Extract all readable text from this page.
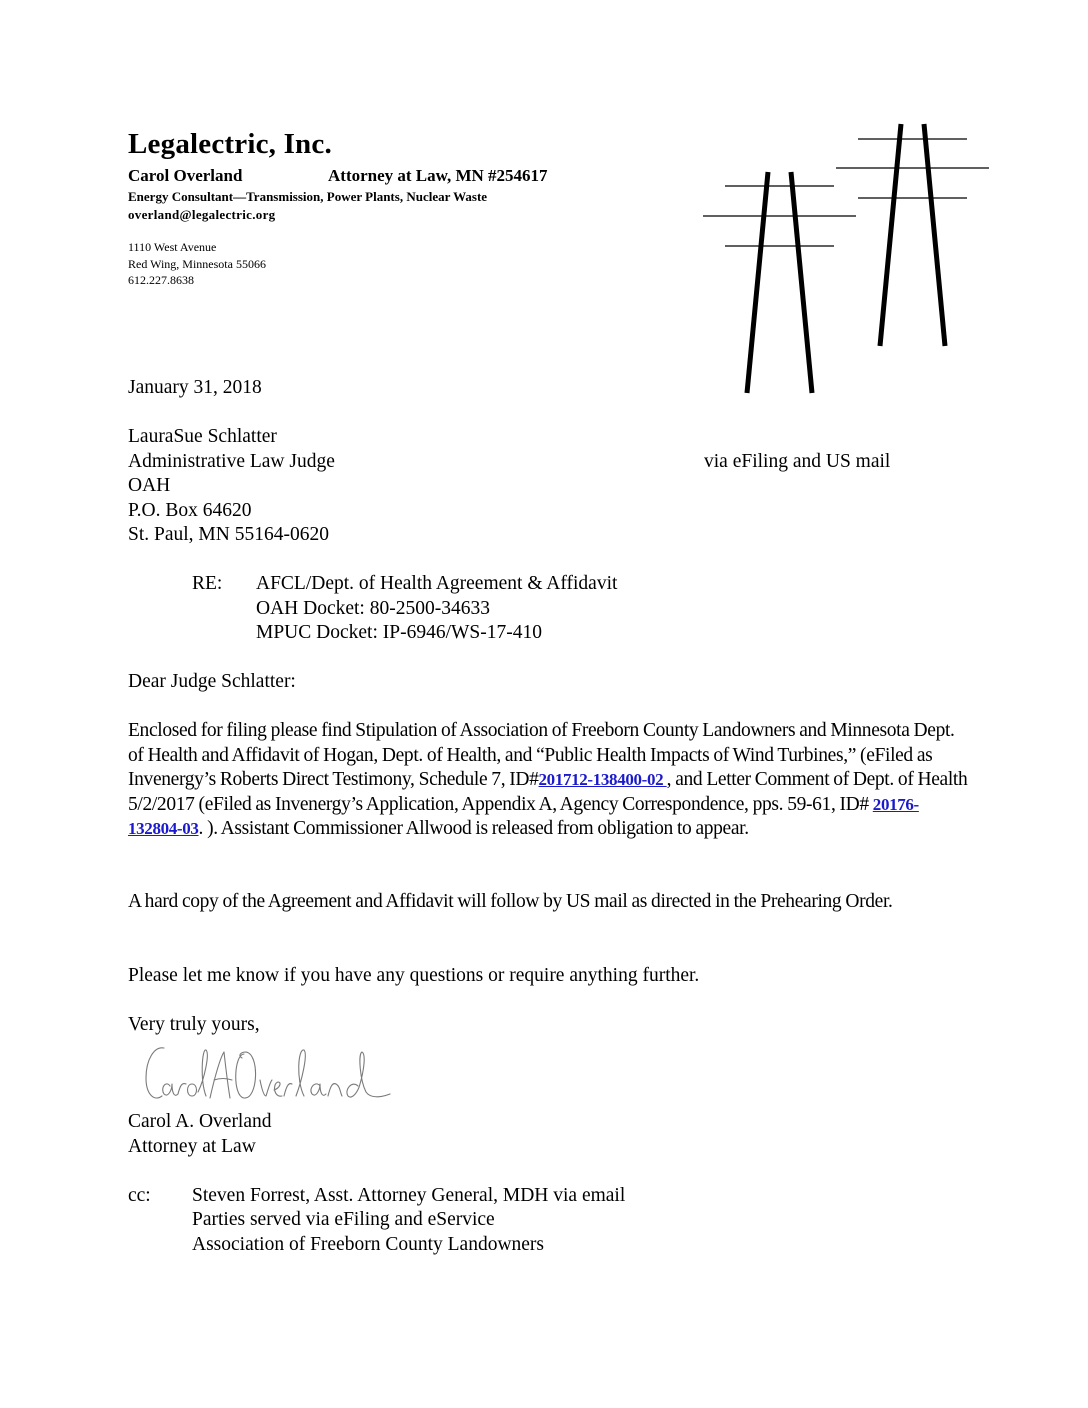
Legalectric, Inc.
Carol Overland	Attorney at Law, MN #254617
Energy Consultant—Transmission, Power Plants, Nuclear Waste
overland@legalectric.org
1110 West Avenue
Red Wing, Minnesota 55066
612.227.8638
January 31, 2018
LauraSue Schlatter
Administrative Law Judge	via eFiling and US mail
OAH
P.O. Box 64620
St. Paul, MN 55164-0620
RE: AFCL/Dept. of Health Agreement & Affidavit
OAH Docket: 80-2500-34633
MPUC Docket: IP-6946/WS-17-410
Dear Judge Schlatter:
Enclosed for filing please find Stipulation of Association of Freeborn County Landowners and Minnesota Dept. of Health and Affidavit of Hogan, Dept. of Health, and “Public Health Impacts of Wind Turbines,” (eFiled as Invenergy’s Roberts Direct Testimony, Schedule 7, ID#201712-138400-02 , and Letter Comment of Dept. of Health 5/2/2017 (eFiled as Invenergy’s Application, Appendix A, Agency Correspondence, pps. 59-61, ID# 20176-132804-03. ). Assistant Commissioner Allwood is released from obligation to appear.
A hard copy of the Agreement and Affidavit will follow by US mail as directed in the Prehearing Order.
Please let me know if you have any questions or require anything further.
Very truly yours,
Carol A. Overland
Attorney at Law
cc: Steven Forrest, Asst. Attorney General, MDH via email
Parties served via eFiling and eService
Association of Freeborn County Landowners
